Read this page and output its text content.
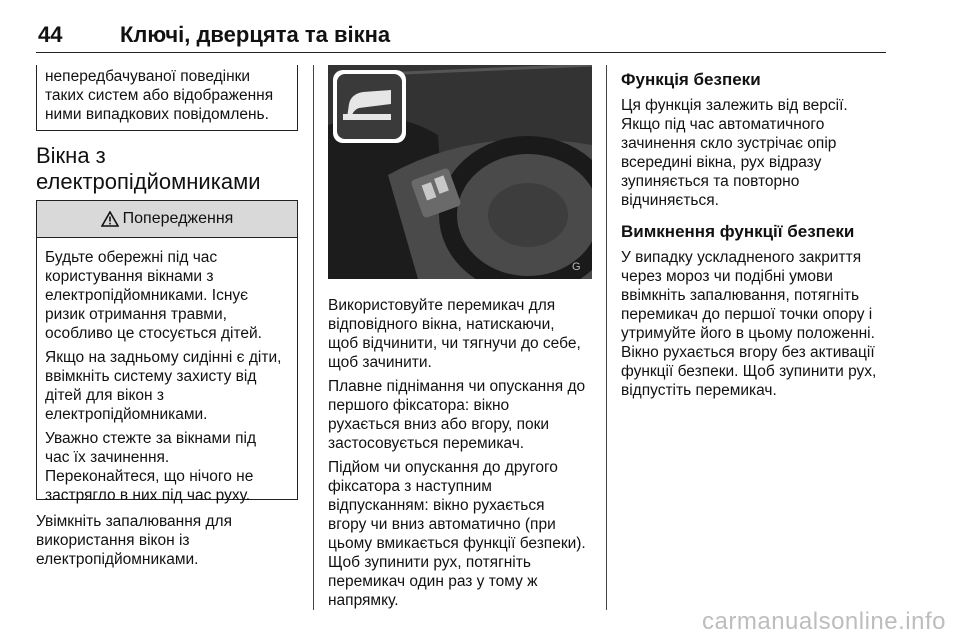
44	Ключі, дверцята та вікна
непередбачуваної поведінки
таких систем або відображення
ними випадкових повідомлень.
Вікна з
електропідйомниками
Попередження

Будьте обережні під час
користування вікнами з
електропідйомниками. Існує
ризик отримання травми,
особливо це стосується дітей.

Якщо на задньому сидінні є діти,
ввімкніть систему захисту від
дітей для вікон з
електропідйомниками.

Уважно стежте за вікнами під
час їх зачинення.
Переконайтеся, що нічого не
застрягло в них під час руху.

Увімкніть запалювання для
використання вікон із
електропідйомниками.
G

Використовуйте перемикач для
відповідного вікна, натискаючи,
щоб відчинити, чи тягнучи до себе,
щоб зачинити.

Плавне піднімання чи опускання до
першого фіксатора: вікно
рухається вниз або вгору, поки
застосовується перемикач.

Підйом чи опускання до другого
фіксатора з наступним
відпусканням: вікно рухається
вгору чи вниз автоматично (при
цьому вмикається функції безпеки).
Щоб зупинити рух, потягніть
перемикач один раз у тому ж
напрямку.

Функція безпеки
Ця функція залежить від версії.
Якщо під час автоматичного
зачинення скло зустрічає опір
всередині вікна, рух відразу
зупиняється та повторно
відчиняється.
Вимкнення функції безпеки
У випадку ускладненого закриття
через мороз чи подібні умови
ввімкніть запалювання, потягніть
перемикач до першої точки опору і
утримуйте його в цьому положенні.
Вікно рухається вгору без активації
функції безпеки. Щоб зупинити рух,
відпустіть перемикач.
carmanualsonline.info
